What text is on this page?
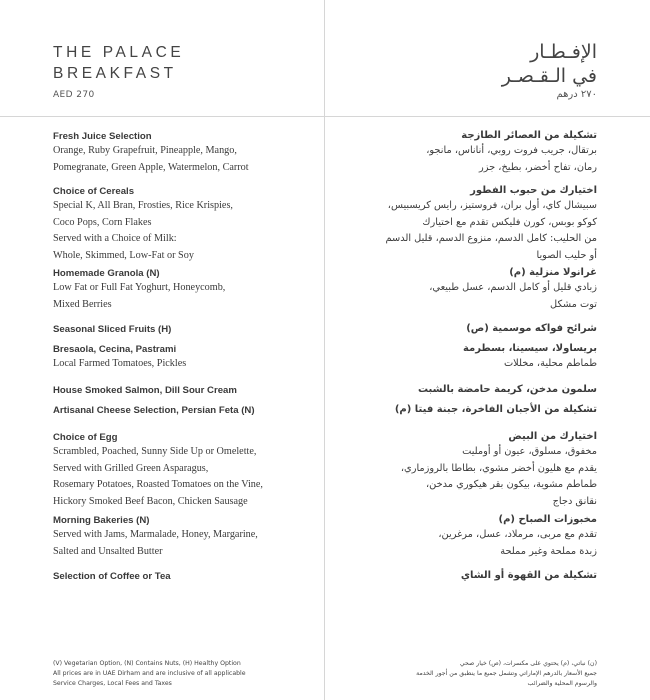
THE PALACE
BREAKFAST
AED 270
الإفـطـار
في الـقـصـر
٢٧٠ درهم
Fresh Juice Selection
Orange, Ruby Grapefruit, Pineapple, Mango,
Pomegranate, Green Apple, Watermelon, Carrot
Choice of Cereals
Special K, All Bran, Frosties, Rice Krispies,
Coco Pops, Corn Flakes
Served with a Choice of Milk:
Whole, Skimmed, Low-Fat or Soy
Homemade Granola (N)
Low Fat or Full Fat Yoghurt, Honeycomb,
Mixed Berries
Seasonal Sliced Fruits (H)
Bresaola, Cecina, Pastrami
Local Farmed Tomatoes, Pickles
House Smoked Salmon, Dill Sour Cream
Artisanal Cheese Selection, Persian Feta (N)
Choice of Egg
Scrambled, Poached, Sunny Side Up or Omelette,
Served with Grilled Green Asparagus,
Rosemary Potatoes, Roasted Tomatoes on the Vine,
Hickory Smoked Beef Bacon, Chicken Sausage
Morning Bakeries (N)
Served with Jams, Marmalade, Honey, Margarine,
Salted and Unsalted Butter
Selection of Coffee or Tea
تشكيلة من العصائر الطازجة
برتقال، جريب فروت روبي، أناناس، مانجو،
رمان، تفاح أخضر، بطيخ، جزر
اختيارك من حبوب الفطور
سبيشال كاي، أول بران، فروستيز، رايس كريسبيس،
كوكو بوبس، كورن فليكس تقدم مع اختيارك
من الحليب: كامل الدسم، منزوع الدسم، قليل الدسم
أو حليب الصويا
غرانولا منزلية (م)
زبادي قليل أو كامل الدسم، عسل طبيعي،
توت مشكل
شرائح فواكه موسمية (ص)
بريساولا، سيسينا، بسطرمة
طماطم محلية، مخللات
سلمون مدخن، كريمة حامضة بالشبت
تشكيلة من الأجبان الفاخرة، جبنة فيتا (م)
اختيارك من البيض
مخفوق، مسلوق، عيون أو أومليت
يقدم مع هليون أخضر مشوي، بطاطا بالروزماري،
طماطم مشوية، بيكون بقر هيكوري مدخن،
نقانق دجاج
مخبوزات الصباح (م)
تقدم مع مربى، مرملاد، عسل، مرغرين،
زبدة مملحة وغير مملحة
تشكيلة من القهوة أو الشاي
(V) Vegetarian Option, (N) Contains Nuts, (H) Healthy Option
All prices are in UAE Dirham and are inclusive of all applicable
Service Charges, Local Fees and Taxes
(ن) نباتي، (م) يحتوي على مكسرات، (ص) خيار صحي
جميع الأسعار بالدرهم الإماراتي وتشمل جميع ما ينطبق من أجور الخدمة
والرسوم المحلية والضرائب
